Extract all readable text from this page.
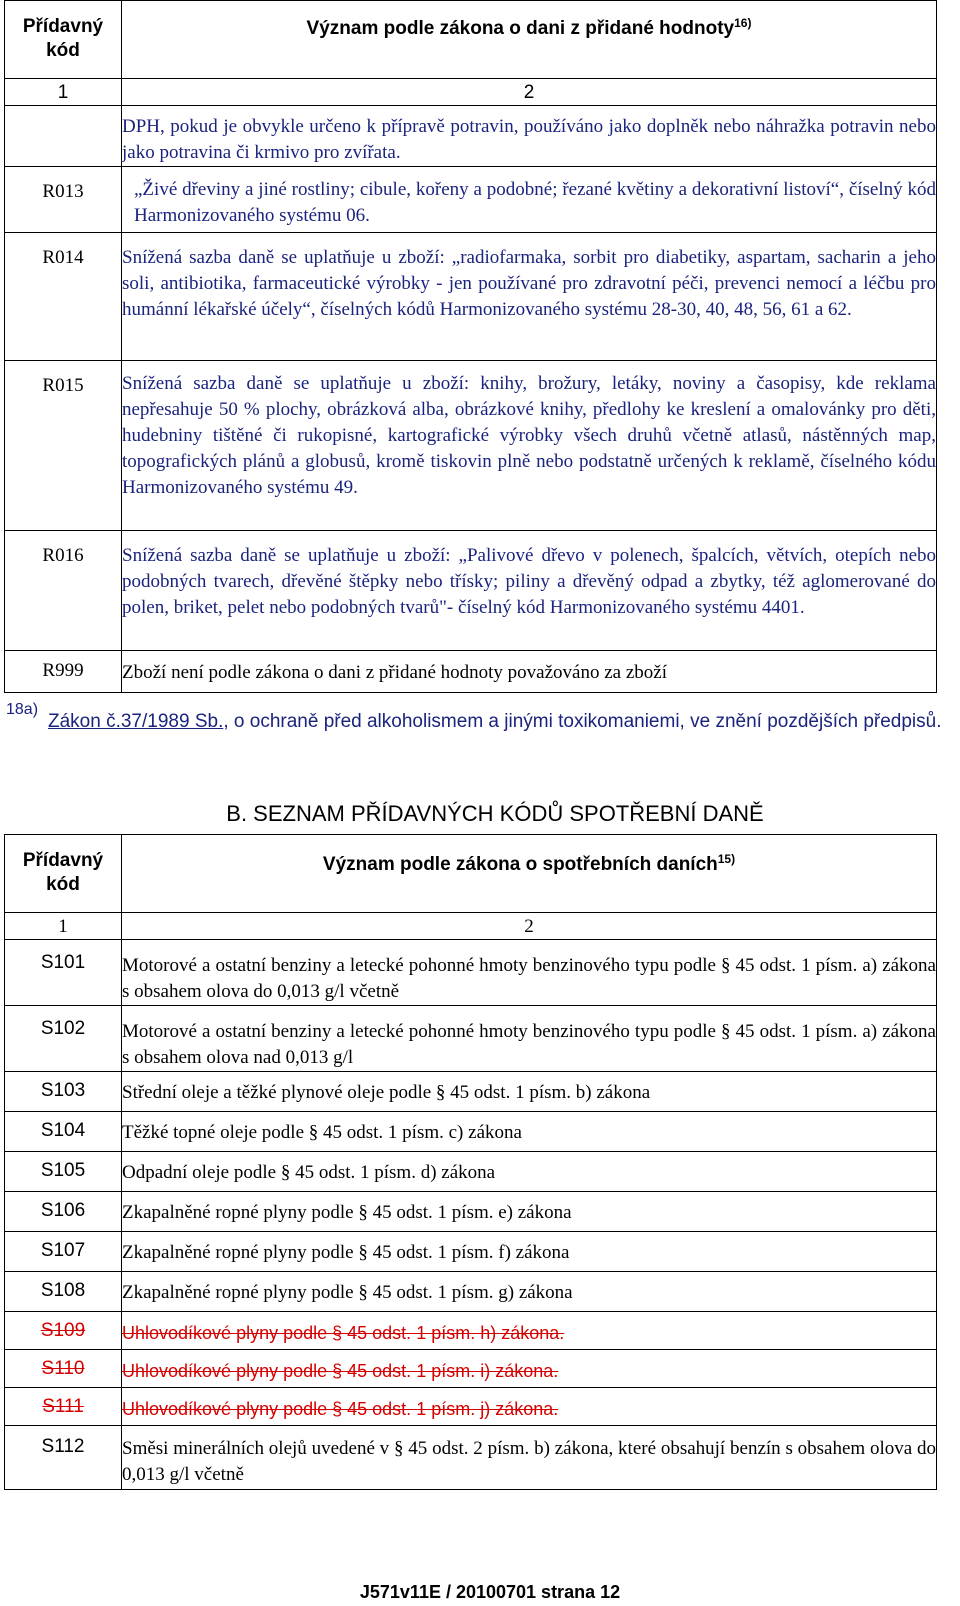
Přídavný kód	Význam podle zákona o dani z přidané hodnoty$^{16)}$
1	2
	DPH, pokud je obvykle určeno k přípravě potravin, používáno jako doplněk nebo náhražka potravin nebo jako potravina či krmivo pro zvířata.
R013	„Živé dřeviny a jiné rostliny; cibule, kořeny a podobné; řezané květiny a dekorativní listoví“, číselný kód Harmonizovaného systému 06.
R014	Snížená sazba daně se uplatňuje u zboží: „radiofarmaka, sorbit pro diabetiky, aspartam, sacharin a jeho soli, antibiotika, farmaceutické výrobky - jen používané pro zdravotní péči, prevenci nemocí a léčbu pro humánní lékařské účely“, číselných kódů Harmonizovaného systému 28-30, 40, 48, 56, 61 a 62.
R015	Snížená sazba daně se uplatňuje u zboží: knihy, brožury, letáky, noviny a časopisy, kde reklama nepřesahuje 50 % plochy, obrázková alba, obrázkové knihy, předlohy ke kreslení a omalovánky pro děti, hudebniny tištěné či rukopisné, kartografické výrobky všech druhů včetně atlasů, nástěnných map, topografických plánů a globusů, kromě tiskovin plně nebo podstatně určených k reklamě, číselného kódu Harmonizovaného systému 49.
R016	Snížená sazba daně se uplatňuje u zboží: „Palivové dřevo v polenech, špalcích, větvích, otepích nebo podobných tvarech, dřevěné štěpky nebo třísky; piliny a dřevěný odpad a zbytky, též aglomerované do polen, briket, pelet nebo podobných tvarů"- číselný kód Harmonizovaného systému 4401.
R999	Zboží není podle zákona o dani z přidané hodnoty považováno za zboží
18a)
Zákon č.37/1989 Sb., o ochraně před alkoholismem a jinými toxikomaniemi, ve znění pozdějších předpisů.
B. SEZNAM PŘÍDAVNÝCH KÓDŮ SPOTŘEBNÍ DANĚ
Přídavný kód	Význam podle zákona o spotřebních daních$^{15)}$
1	2
S101	Motorové a ostatní benziny a letecké pohonné hmoty benzinového typu podle § 45 odst. 1 písm. a) zákona s obsahem olova do 0,013 g/l včetně
S102	Motorové a ostatní benziny a letecké pohonné hmoty benzinového typu podle § 45 odst. 1 písm. a) zákona s obsahem olova nad 0,013 g/l
S103	Střední oleje a těžké plynové oleje podle § 45 odst. 1 písm. b) zákona
S104	Těžké topné oleje podle § 45 odst. 1 písm. c) zákona
S105	Odpadní oleje podle § 45 odst. 1 písm. d) zákona
S106	Zkapalněné ropné plyny podle § 45 odst. 1 písm. e) zákona
S107	Zkapalněné ropné plyny podle § 45 odst. 1 písm. f) zákona
S108	Zkapalněné ropné plyny podle § 45 odst. 1 písm. g) zákona
S109	Uhlovodíkové plyny podle § 45 odst. 1 písm. h) zákona.
S110	Uhlovodíkové plyny podle § 45 odst. 1 písm. i) zákona.
S111	Uhlovodíkové plyny podle § 45 odst. 1 písm. j) zákona.
S112	Směsi minerálních olejů uvedené v § 45 odst. 2 písm. b) zákona, které obsahují benzín s obsahem olova do 0,013 g/l včetně
J571v11E / 20100701 strana 12
